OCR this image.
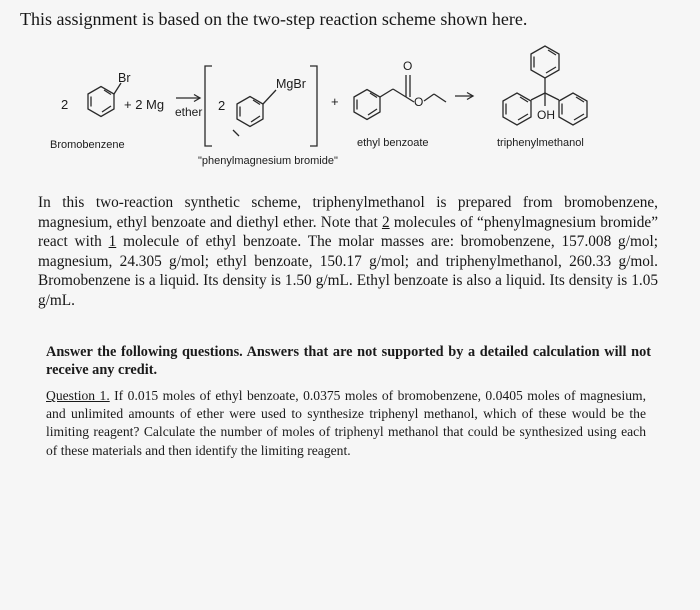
This assignment is based on the two-step reaction scheme shown here.
2
Br
+ 2 Mg ether 2
MgBr
+
O
O
OH
Bromobenzene
"phenylmagnesium bromide"
ethyl benzoate	triphenylmethanol
In this two-reaction synthetic scheme, triphenylmethanol is prepared from bromobenzene, magnesium, ethyl benzoate and diethyl ether. Note that 2 molecules of “phenylmagnesium bromide” react with 1 molecule of ethyl benzoate. The molar masses are: bromobenzene, 157.008 g/mol; magnesium, 24.305 g/mol; ethyl benzoate, 150.17 g/mol; and triphenylmethanol, 260.33 g/mol. Bromobenzene is a liquid. Its density is 1.50 g/mL. Ethyl benzoate is also a liquid. Its density is 1.05 g/mL.
Answer the following questions. Answers that are not supported by a detailed calculation will not receive any credit.
Question 1. If 0.015 moles of ethyl benzoate, 0.0375 moles of bromobenzene, 0.0405 moles of magnesium, and unlimited amounts of ether were used to synthesize triphenyl methanol, which of these would be the limiting reagent? Calculate the number of moles of triphenyl methanol that could be synthesized using each of these materials and then identify the limiting reagent.
